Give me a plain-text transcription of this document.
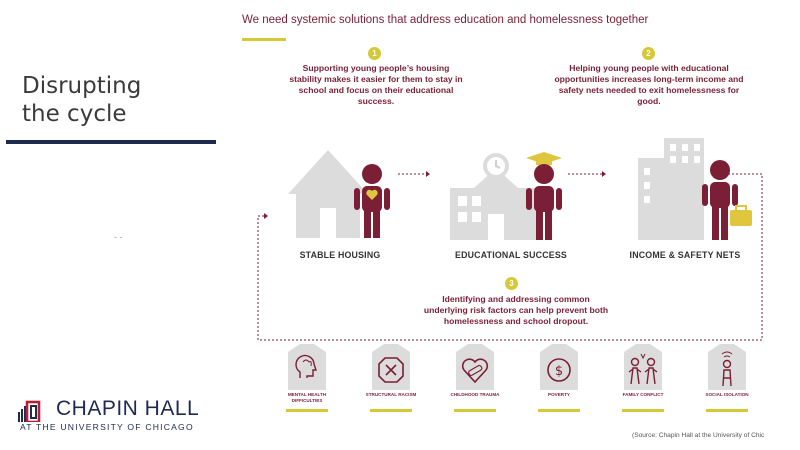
Disrupting
the cycle
- -
CHAPIN HALL
AT THE UNIVERSITY OF CHICAGO
We need systemic solutions that address education and homelessness together
1
Supporting young people’s housing stability makes it easier for them to stay in school and focus on their educational success.
2
Helping young people with educational opportunities increases long-term income and safety nets needed to exit homelessness for good.
STABLE HOUSING	EDUCATIONAL SUCCESS	INCOME & SAFETY NETS
3
Identifying and addressing common underlying risk factors can help prevent both homelessness and school dropout.
MENTAL HEALTH DIFFICULTIES
STRUCTURAL RACISM	CHILDHOOD TRAUMA
$
POVERTY	FAMILY CONFLICT	SOCIAL ISOLATION
(Source: Chapin Hall at the University of Chic
